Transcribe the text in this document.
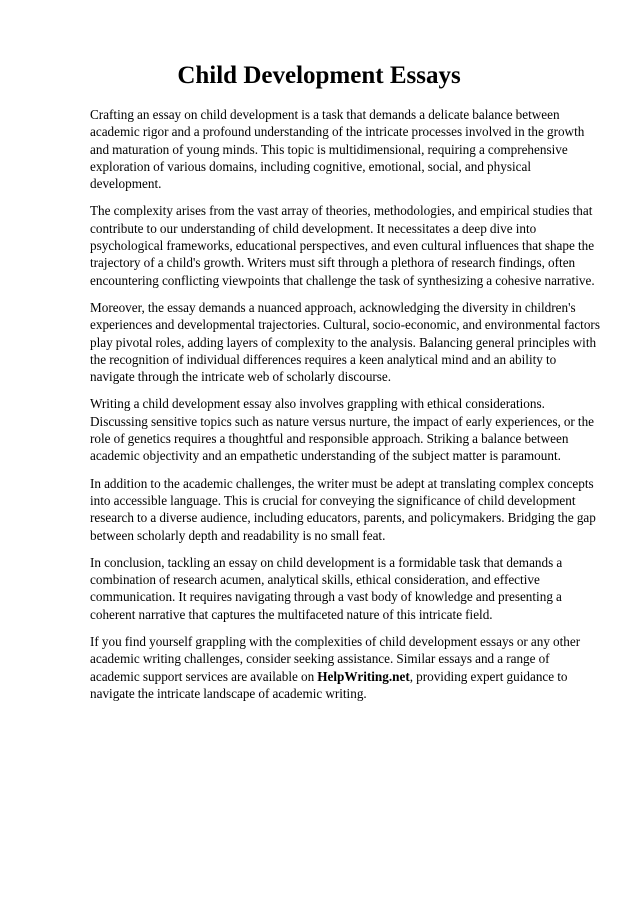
Child Development Essays

Crafting an essay on child development is a task that demands a delicate balance between academic rigor and a profound understanding of the intricate processes involved in the growth and maturation of young minds. This topic is multidimensional, requiring a comprehensive exploration of various domains, including cognitive, emotional, social, and physical development.

The complexity arises from the vast array of theories, methodologies, and empirical studies that contribute to our understanding of child development. It necessitates a deep dive into psychological frameworks, educational perspectives, and even cultural influences that shape the trajectory of a child's growth. Writers must sift through a plethora of research findings, often encountering conflicting viewpoints that challenge the task of synthesizing a cohesive narrative.

Moreover, the essay demands a nuanced approach, acknowledging the diversity in children's experiences and developmental trajectories. Cultural, socio-economic, and environmental factors play pivotal roles, adding layers of complexity to the analysis. Balancing general principles with the recognition of individual differences requires a keen analytical mind and an ability to navigate through the intricate web of scholarly discourse.

Writing a child development essay also involves grappling with ethical considerations. Discussing sensitive topics such as nature versus nurture, the impact of early experiences, or the role of genetics requires a thoughtful and responsible approach. Striking a balance between academic objectivity and an empathetic understanding of the subject matter is paramount.

In addition to the academic challenges, the writer must be adept at translating complex concepts into accessible language. This is crucial for conveying the significance of child development research to a diverse audience, including educators, parents, and policymakers. Bridging the gap between scholarly depth and readability is no small feat.

In conclusion, tackling an essay on child development is a formidable task that demands a combination of research acumen, analytical skills, ethical consideration, and effective communication. It requires navigating through a vast body of knowledge and presenting a coherent narrative that captures the multifaceted nature of this intricate field.

If you find yourself grappling with the complexities of child development essays or any other academic writing challenges, consider seeking assistance. Similar essays and a range of academic support services are available on HelpWriting.net, providing expert guidance to navigate the intricate landscape of academic writing.
